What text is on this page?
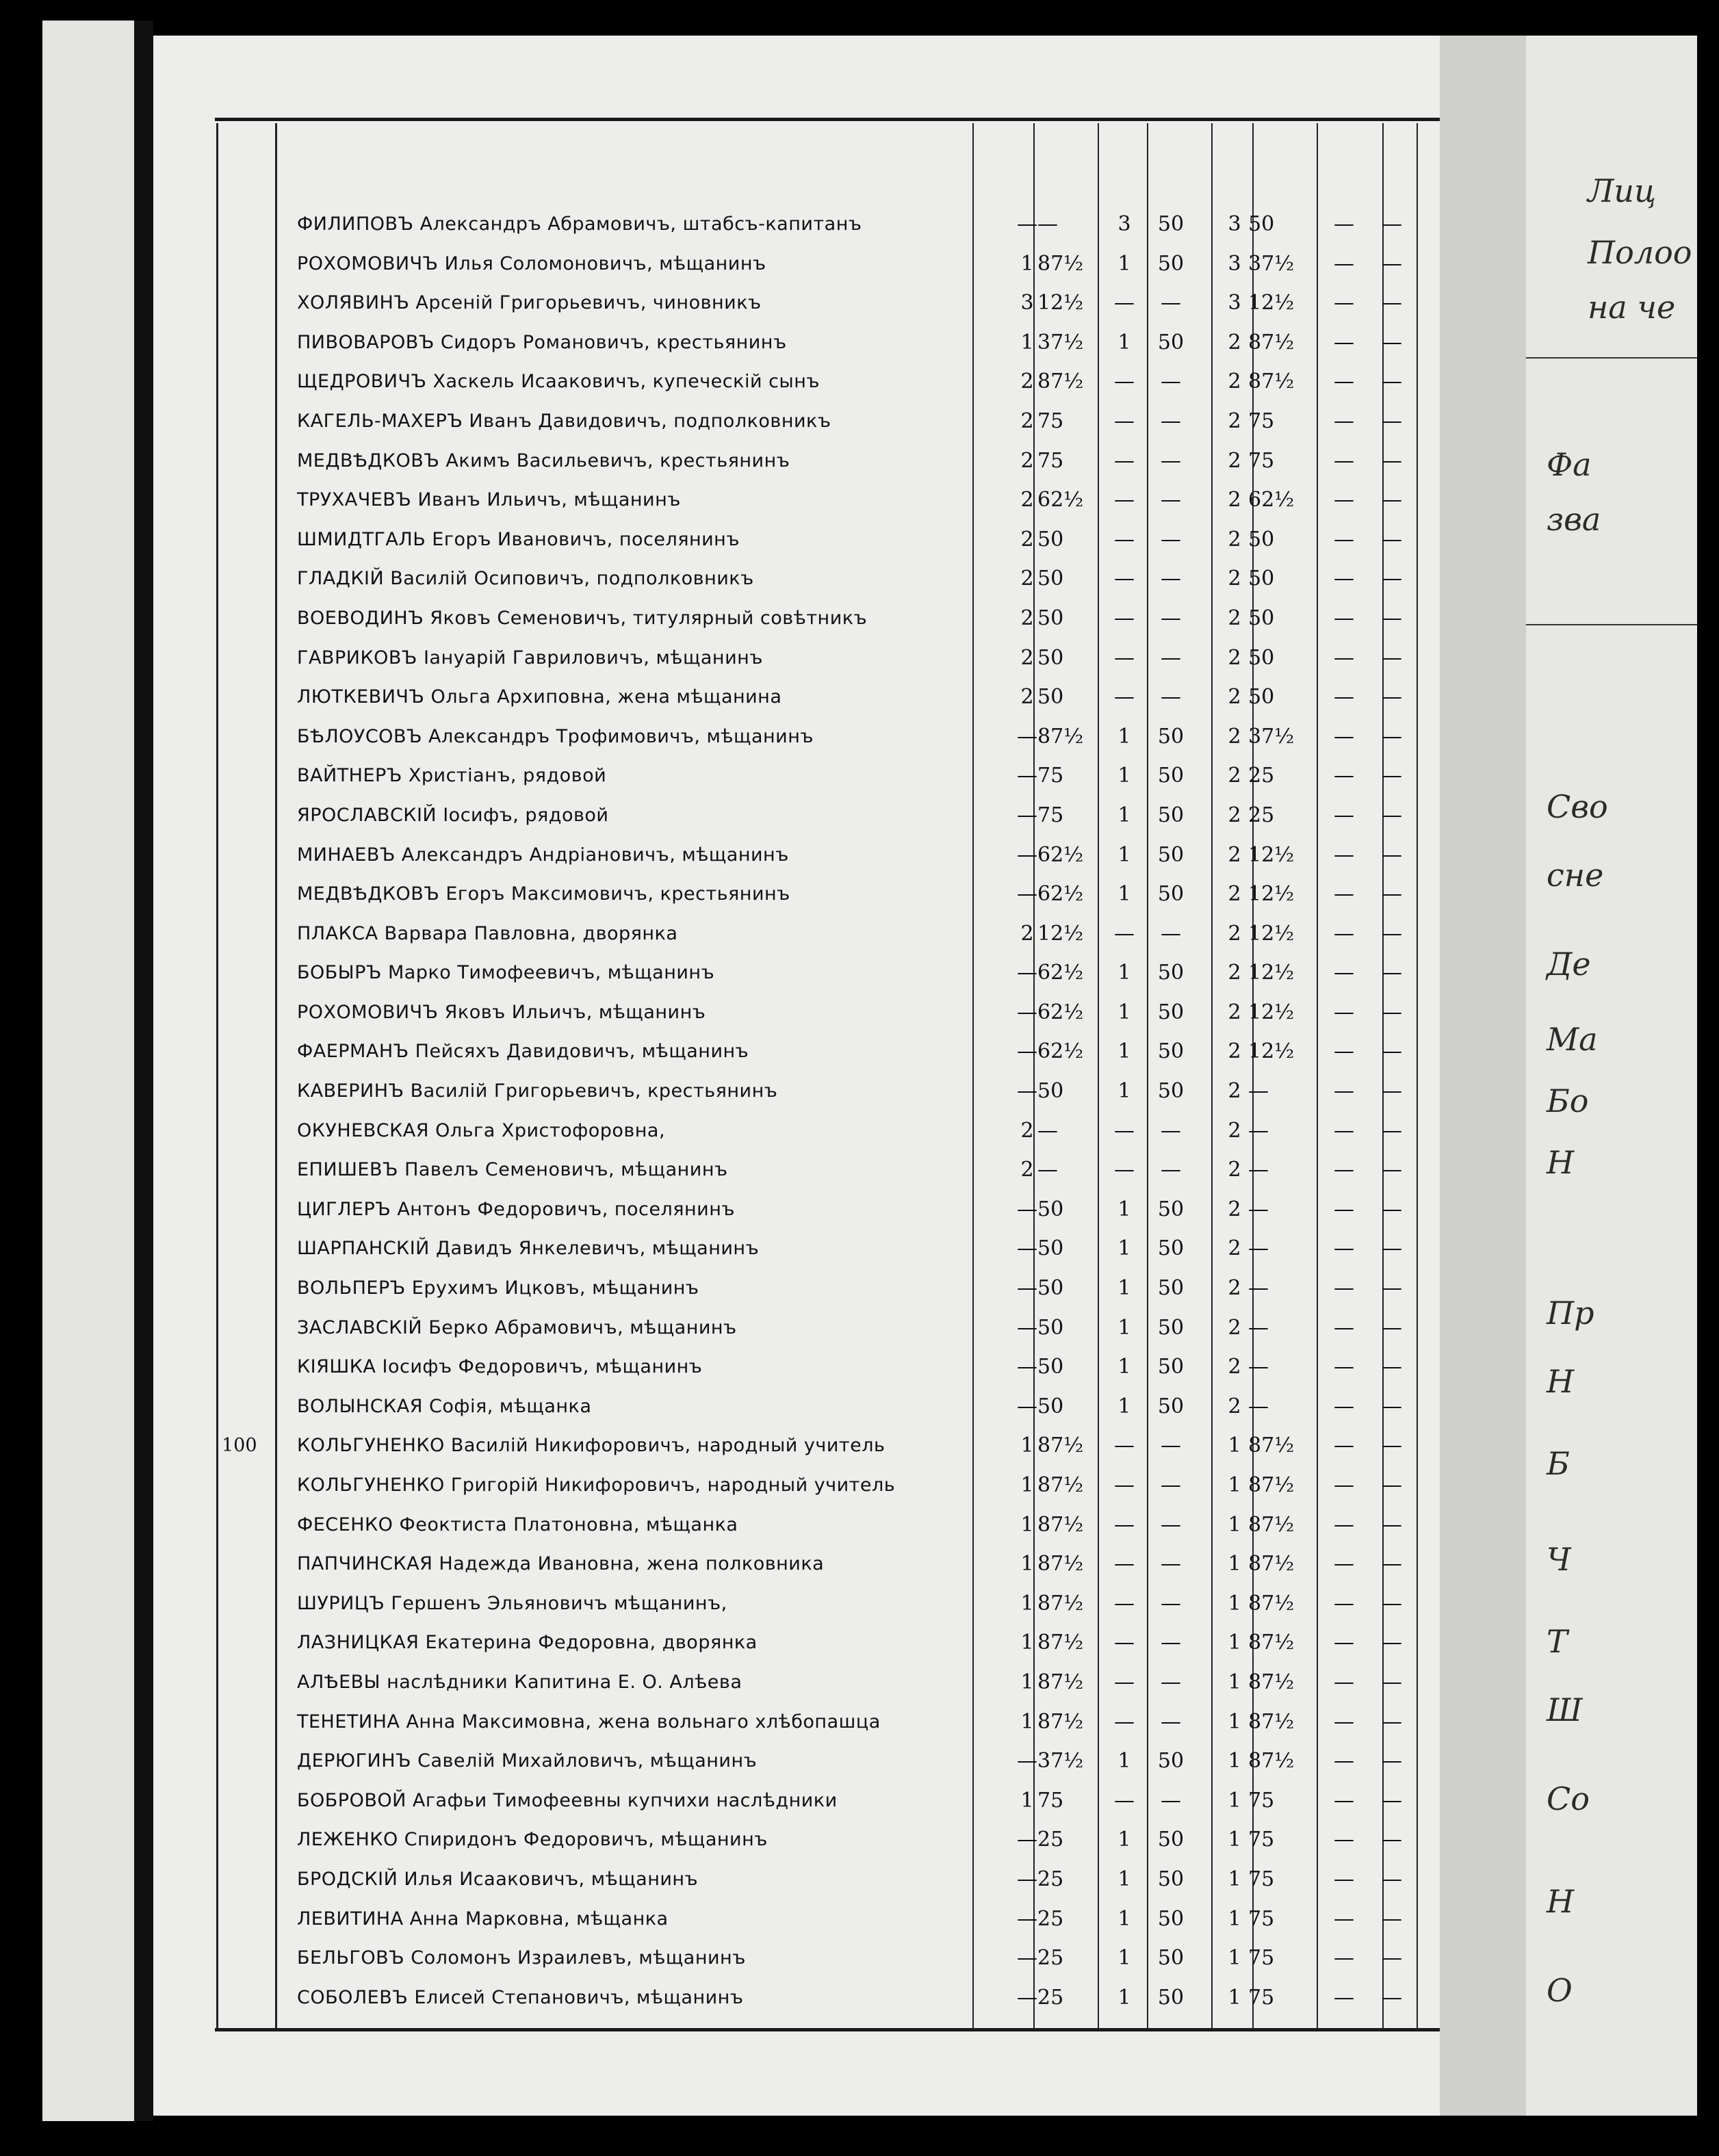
ФИЛИПОВЪ Александръ Абрамовичъ, штабсъ-капитанъ	— —	3	50	3 50	—	—
РОХОМОВИЧЪ Илья Соломоновичъ, мѣщанинъ	1 87½	1	50	3 37½	—	—
ХОЛЯВИНЪ Арсеній Григорьевичъ, чиновникъ	3 12½	—	—	3 12½	—	—
ПИВОВАРОВЪ Сидоръ Романовичъ, крестьянинъ	1 37½	1	50	2 87½	—	—
ЩЕДРОВИЧЪ Хаскель Исааковичъ, купеческій сынъ	2 87½	—	—	2 87½	—	—
КАГЕЛЬ-МАХЕРЪ Иванъ Давидовичъ, подполковникъ	2 75	—	—	2 75	—	—
МЕДВѢДКОВЪ Акимъ Васильевичъ, крестьянинъ	2 75	—	—	2 75	—	—
ТРУХАЧЕВЪ Иванъ Ильичъ, мѣщанинъ	2 62½	—	—	2 62½	—	—
ШМИДТГАЛЬ Егоръ Ивановичъ, поселянинъ	2 50	—	—	2 50	—	—
ГЛАДКІЙ Василій Осиповичъ, подполковникъ	2 50	—	—	2 50	—	—
ВОЕВОДИНЪ Яковъ Семеновичъ, титулярный совѣтникъ	2 50	—	—	2 50	—	—
ГАВРИКОВЪ Іануарій Гавриловичъ, мѣщанинъ	2 50	—	—	2 50	—	—
ЛЮТКЕВИЧЪ Ольга Архиповна, жена мѣщанина	2 50	—	—	2 50	—	—
БѢЛОУСОВЪ Александръ Трофимовичъ, мѣщанинъ	— 87½	1	50	2 37½	—	—
ВАЙТНЕРЪ Христіанъ, рядовой	— 75	1	50	2 25	—	—
ЯРОСЛАВСКІЙ Іосифъ, рядовой	— 75	1	50	2 25	—	—
МИНАЕВЪ Александръ Андріановичъ, мѣщанинъ	— 62½	1	50	2 12½	—	—
МЕДВѢДКОВЪ Егоръ Максимовичъ, крестьянинъ	— 62½	1	50	2 12½	—	—
ПЛАКСА Варвара Павловна, дворянка	2 12½	—	—	2 12½	—	—
БОБЫРЪ Марко Тимофеевичъ, мѣщанинъ	— 62½	1	50	2 12½	—	—
РОХОМОВИЧЪ Яковъ Ильичъ, мѣщанинъ	— 62½	1	50	2 12½	—	—
ФАЕРМАНЪ Пейсяхъ Давидовичъ, мѣщанинъ	— 62½	1	50	2 12½	—	—
КАВЕРИНЪ Василій Григорьевичъ, крестьянинъ	— 50	1	50	2 —	—	—
ОКУНЕВСКАЯ Ольга Христофоровна,	2 —	—	—	2 —	—	—
ЕПИШЕВЪ Павелъ Семеновичъ, мѣщанинъ	2 —	—	—	2 —	—	—
ЦИГЛЕРЪ Антонъ Федоровичъ, поселянинъ	— 50	1	50	2 —	—	—
ШАРПАНСКІЙ Давидъ Янкелевичъ, мѣщанинъ	— 50	1	50	2 —	—	—
ВОЛЬПЕРЪ Ерухимъ Ицковъ, мѣщанинъ	— 50	1	50	2 —	—	—
ЗАСЛАВСКІЙ Берко Абрамовичъ, мѣщанинъ	— 50	1	50	2 —	—	—
КІЯШКА Іосифъ Федоровичъ, мѣщанинъ	— 50	1	50	2 —	—	—
ВОЛЫНСКАЯ Софія, мѣщанка	— 50	1	50	2 —	—	—
100 КОЛЬГУНЕНКО Василій Никифоровичъ, народный учитель	1 87½	—	—	1 87½	—	—
КОЛЬГУНЕНКО Григорій Никифоровичъ, народный учитель	1 87½	—	—	1 87½	—	—
ФЕСЕНКО Феоктиста Платоновна, мѣщанка	1 87½	—	—	1 87½	—	—
ПАПЧИНСКАЯ Надежда Ивановна, жена полковника	1 87½	—	—	1 87½	—	—
ШУРИЦЪ Гершенъ Эльяновичъ мѣщанинъ,	1 87½	—	—	1 87½	—	—
ЛАЗНИЦКАЯ Екатерина Федоровна, дворянка	1 87½	—	—	1 87½	—	—
АЛѢЕВЫ наслѣдники Капитина Е. О. Алѣева	1 87½	—	—	1 87½	—	—
ТЕНЕТИНА Анна Максимовна, жена вольнаго хлѣбопашца	1 87½	—	—	1 87½	—	—
ДЕРЮГИНЪ Савелій Михайловичъ, мѣщанинъ	— 37½	1	50	1 87½	—	—
БОБРОВОЙ Агафьи Тимофеевны купчихи наслѣдники	1 75	—	—	1 75	—	—
ЛЕЖЕНКО Спиридонъ Федоровичъ, мѣщанинъ	— 25	1	50	1 75	—	—
БРОДСКІЙ Илья Исааковичъ, мѣщанинъ	— 25	1	50	1 75	—	—
ЛЕВИТИНА Анна Марковна, мѣщанка	— 25	1	50	1 75	—	—
БЕЛЬГОВЪ Соломонъ Израилевъ, мѣщанинъ	— 25	1	50	1 75	—	—
СОБОЛЕВЪ Елисей Степановичъ, мѣщанинъ	— 25	1	50	1 75	—	—
Лиц
Полоо
на че
Фа
зва
Сво
сне
Де
Ма
Бо
Н
Пр
Н
Б
Ч
Т
Ш
Со
Н
О
